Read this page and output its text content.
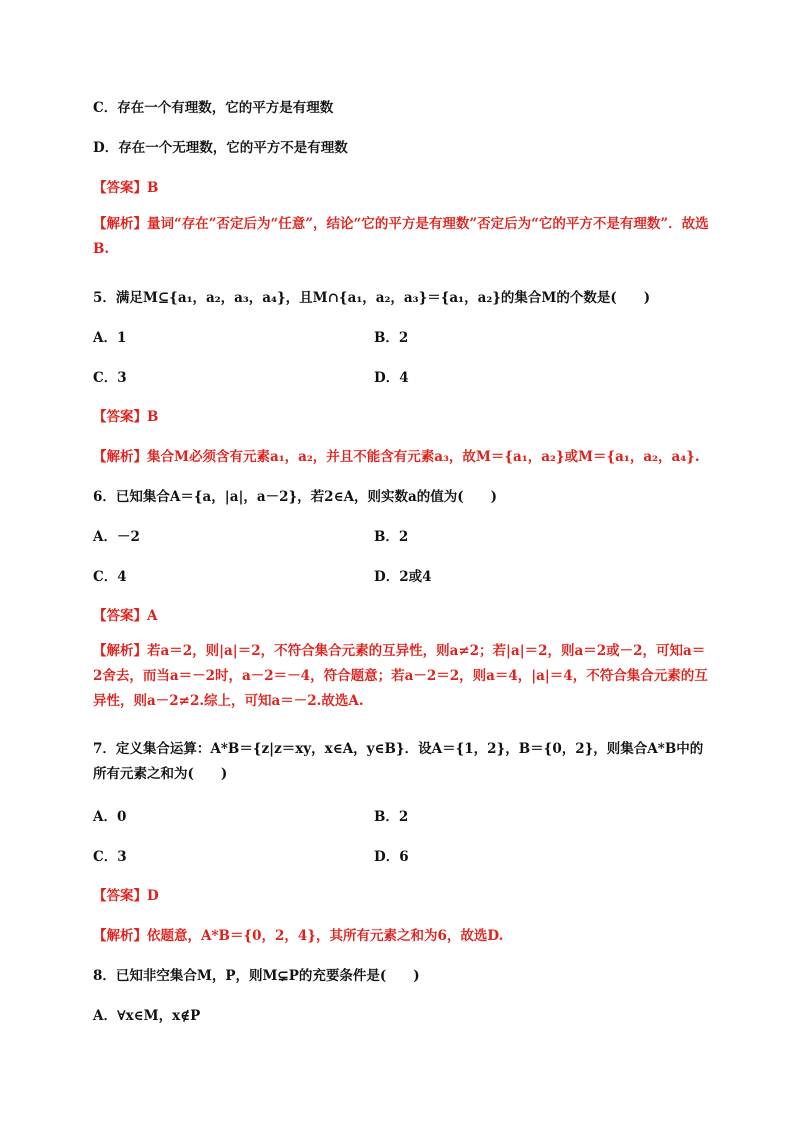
C．存在一个有理数，它的平方是有理数
D．存在一个无理数，它的平方不是有理数
【答案】B
【解析】量词“存在”否定后为“任意”，结论“它的平方是有理数”否定后为“它的平方不是有理数”．故选B.
5．满足M⊆{a₁，a₂，a₃，a₄}，且M∩{a₁，a₂，a₃}＝{a₁，a₂}的集合M的个数是(　　)
A．1	B．2
C．3	D．4
【答案】B
【解析】集合M必须含有元素a₁，a₂，并且不能含有元素a₃，故M＝{a₁，a₂}或M＝{a₁，a₂，a₄}.
6．已知集合A＝{a，|a|，a－2}，若2∈A，则实数a的值为(　　)
A．－2	B．2
C．4	D．2或4
【答案】A
【解析】若a＝2，则|a|＝2，不符合集合元素的互异性，则a≠2；若|a|＝2，则a＝2或－2，可知a＝2舍去，而当a＝－2时，a－2＝－4，符合题意；若a－2＝2，则a＝4，|a|＝4，不符合集合元素的互异性，则a－2≠2.综上，可知a＝－2.故选A.
7．定义集合运算：A*B＝{z|z＝xy，x∈A，y∈B}．设A＝{1，2}，B＝{0，2}，则集合A*B中的所有元素之和为(　　)
A．0	B．2
C．3	D．6
【答案】D
【解析】依题意，A*B＝{0，2，4}，其所有元素之和为6，故选D.
8．已知非空集合M，P，则M⊊P的充要条件是(　　)
A．∀x∈M，x∉P
